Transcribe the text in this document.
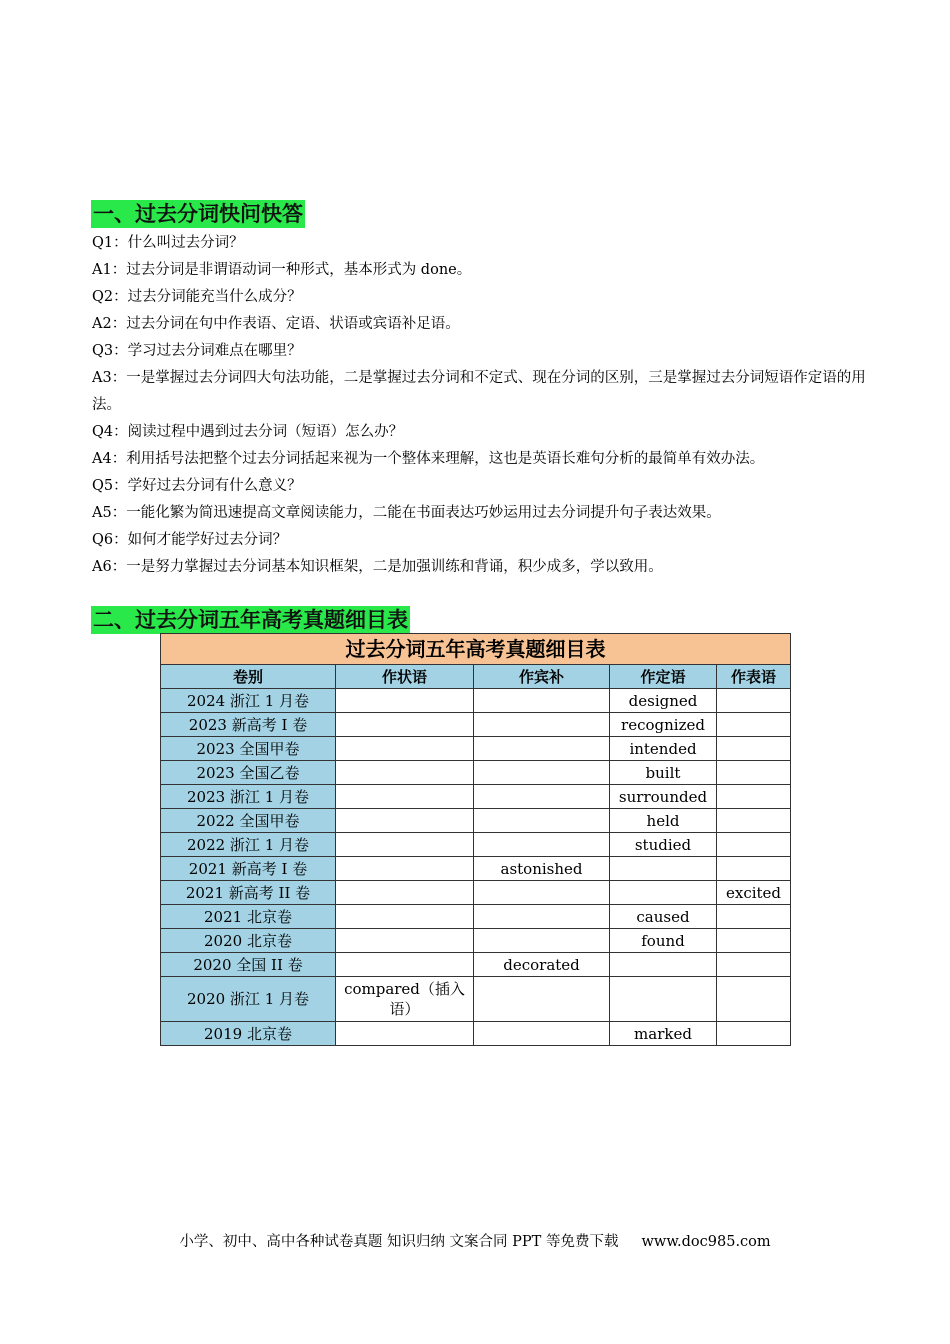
一、过去分词快问快答
Q1：什么叫过去分词？
A1：过去分词是非谓语动词一种形式，基本形式为 done。
Q2：过去分词能充当什么成分？
A2：过去分词在句中作表语、定语、状语或宾语补足语。
Q3：学习过去分词难点在哪里？
A3：一是掌握过去分词四大句法功能，二是掌握过去分词和不定式、现在分词的区别，三是掌握过去分词短语作定语的用法。
Q4：阅读过程中遇到过去分词（短语）怎么办？
A4：利用括号法把整个过去分词括起来视为一个整体来理解，这也是英语长难句分析的最简单有效办法。
Q5：学好过去分词有什么意义？
A5：一能化繁为简迅速提高文章阅读能力，二能在书面表达巧妙运用过去分词提升句子表达效果。
Q6：如何才能学好过去分词？
A6：一是努力掌握过去分词基本知识框架，二是加强训练和背诵，积少成多，学以致用。
二、过去分词五年高考真题细目表
过去分词五年高考真题细目表				
卷别	作状语	作宾补	作定语	作表语
2024 浙江 1 月卷			designed	
2023 新高考 I 卷			recognized	
2023 全国甲卷			intended	
2023 全国乙卷			built	
2023 浙江 1 月卷			surrounded	
2022 全国甲卷			held	
2022 浙江 1 月卷			studied	
2021 新高考 I 卷		astonished		
2021 新高考 II 卷				excited
2021 北京卷			caused	
2020 北京卷			found	
2020 全国 II 卷		decorated		
2020 浙江 1 月卷	compared（插入语）			
2019 北京卷			marked	
小学、初中、高中各种试卷真题 知识归纳 文案合同 PPT 等免费下载 www.doc985.com
